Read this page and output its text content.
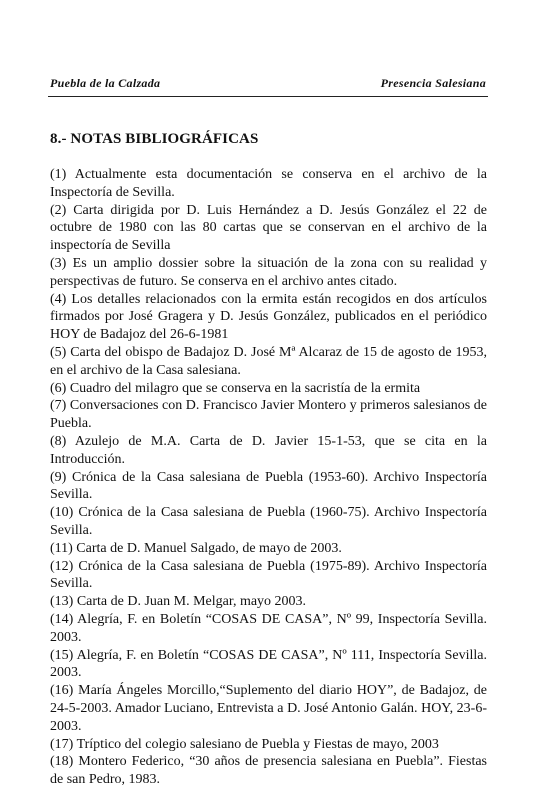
Puebla de la Calzada	Presencia Salesiana
8.- NOTAS BIBLIOGRÁFICAS

(1) Actualmente esta documentación se conserva en el archivo de la Inspectoría de Sevilla.

(2) Carta dirigida por D. Luis Hernández a D. Jesús González el 22 de octubre de 1980 con las 80 cartas que se conservan en el archivo de la inspectoría de Sevilla

(3) Es un amplio dossier sobre la situación de la zona con su realidad y perspectivas de futuro. Se conserva en el archivo antes citado.

(4) Los detalles relacionados con la ermita están recogidos en dos artículos firmados por José Gragera y D. Jesús González, publicados en el periódico HOY de Badajoz del 26-6-1981

(5) Carta del obispo de Badajoz D. José Mª Alcaraz de 15 de agosto de 1953, en el archivo de la Casa salesiana.

(6) Cuadro del milagro que se conserva en la sacristía de la ermita

(7) Conversaciones con D. Francisco Javier Montero y primeros salesianos de Puebla.

(8) Azulejo de M.A. Carta de D. Javier 15-1-53, que se cita en la Introducción.

(9) Crónica de la Casa salesiana de Puebla (1953-60). Archivo Inspectoría Sevilla.

(10) Crónica de la Casa salesiana de Puebla (1960-75). Archivo Inspectoría Sevilla.

(11) Carta de D. Manuel Salgado, de mayo de 2003.

(12) Crónica de la Casa salesiana de Puebla (1975-89). Archivo Inspectoría Sevilla.

(13) Carta de D. Juan M. Melgar, mayo 2003.

(14) Alegría, F. en Boletín “COSAS DE CASA”, Nº 99, Inspectoría Sevilla. 2003.

(15) Alegría, F. en Boletín “COSAS DE CASA”, Nº 111, Inspectoría Sevilla. 2003.

(16) María Ángeles Morcillo,“Suplemento del diario HOY”, de Badajoz, de 24-5-2003. Amador Luciano, Entrevista a D. José Antonio Galán. HOY, 23-6-2003.

(17) Tríptico del colegio salesiano de Puebla y Fiestas de mayo, 2003

(18) Montero Federico, “30 años de presencia salesiana en Puebla”. Fiestas de san Pedro, 1983.
